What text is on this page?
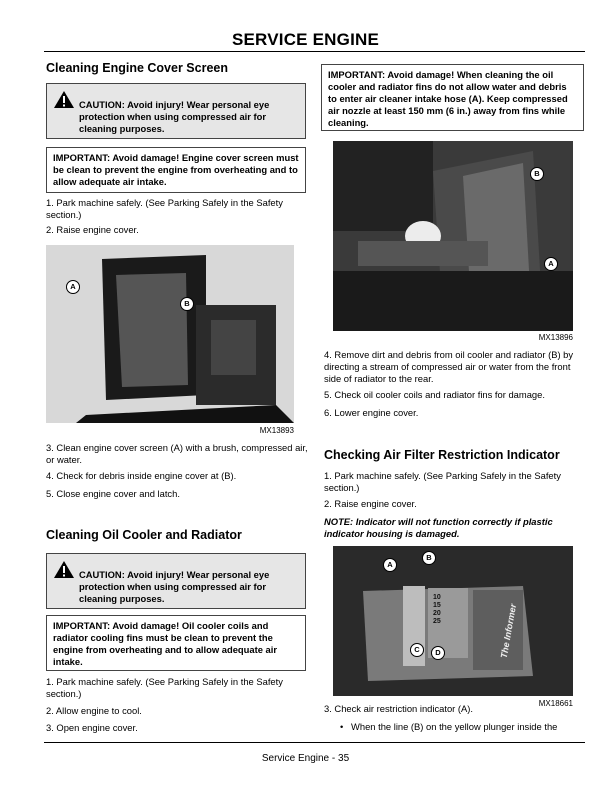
SERVICE ENGINE
Cleaning Engine Cover Screen
CAUTION: Avoid injury! Wear personal eye protection when using compressed air for cleaning purposes.
IMPORTANT: Avoid damage! Engine cover screen must be clean to prevent the engine from overheating and to allow adequate air intake.
1. Park machine safely. (See Parking Safely in the Safety section.)
2. Raise engine cover.
A
B
MX13893
3. Clean engine cover screen (A) with a brush, compressed air, or water.
4. Check for debris inside engine cover at (B).
5. Close engine cover and latch.
Cleaning Oil Cooler and Radiator
CAUTION: Avoid injury! Wear personal eye protection when using compressed air for cleaning purposes.
IMPORTANT: Avoid damage! Oil cooler coils and radiator cooling fins must be clean to prevent the engine from overheating and to allow adequate air intake.
1. Park machine safely. (See Parking Safely in the Safety section.)
2. Allow engine to cool.
3. Open engine cover.
IMPORTANT: Avoid damage! When cleaning the oil cooler and radiator fins do not allow water and debris to enter air cleaner intake hose (A). Keep compressed air nozzle at least 150 mm (6 in.) away from fins while cleaning.
B
A
MX13896
4. Remove dirt and debris from oil cooler and radiator (B) by directing a stream of compressed air or water from the front side of radiator to the rear.
5. Check oil cooler coils and radiator fins for damage.
6. Lower engine cover.
Checking Air Filter Restriction Indicator
1. Park machine safely. (See Parking Safely in the Safety section.)
2. Raise engine cover.
NOTE: Indicator will not function correctly if plastic indicator housing is damaged.
10
15
20
25	The Informer
A
B
C	D
MX18661
3. Check air restriction indicator (A).
• When the line (B) on the yellow plunger inside the
Service Engine - 35
